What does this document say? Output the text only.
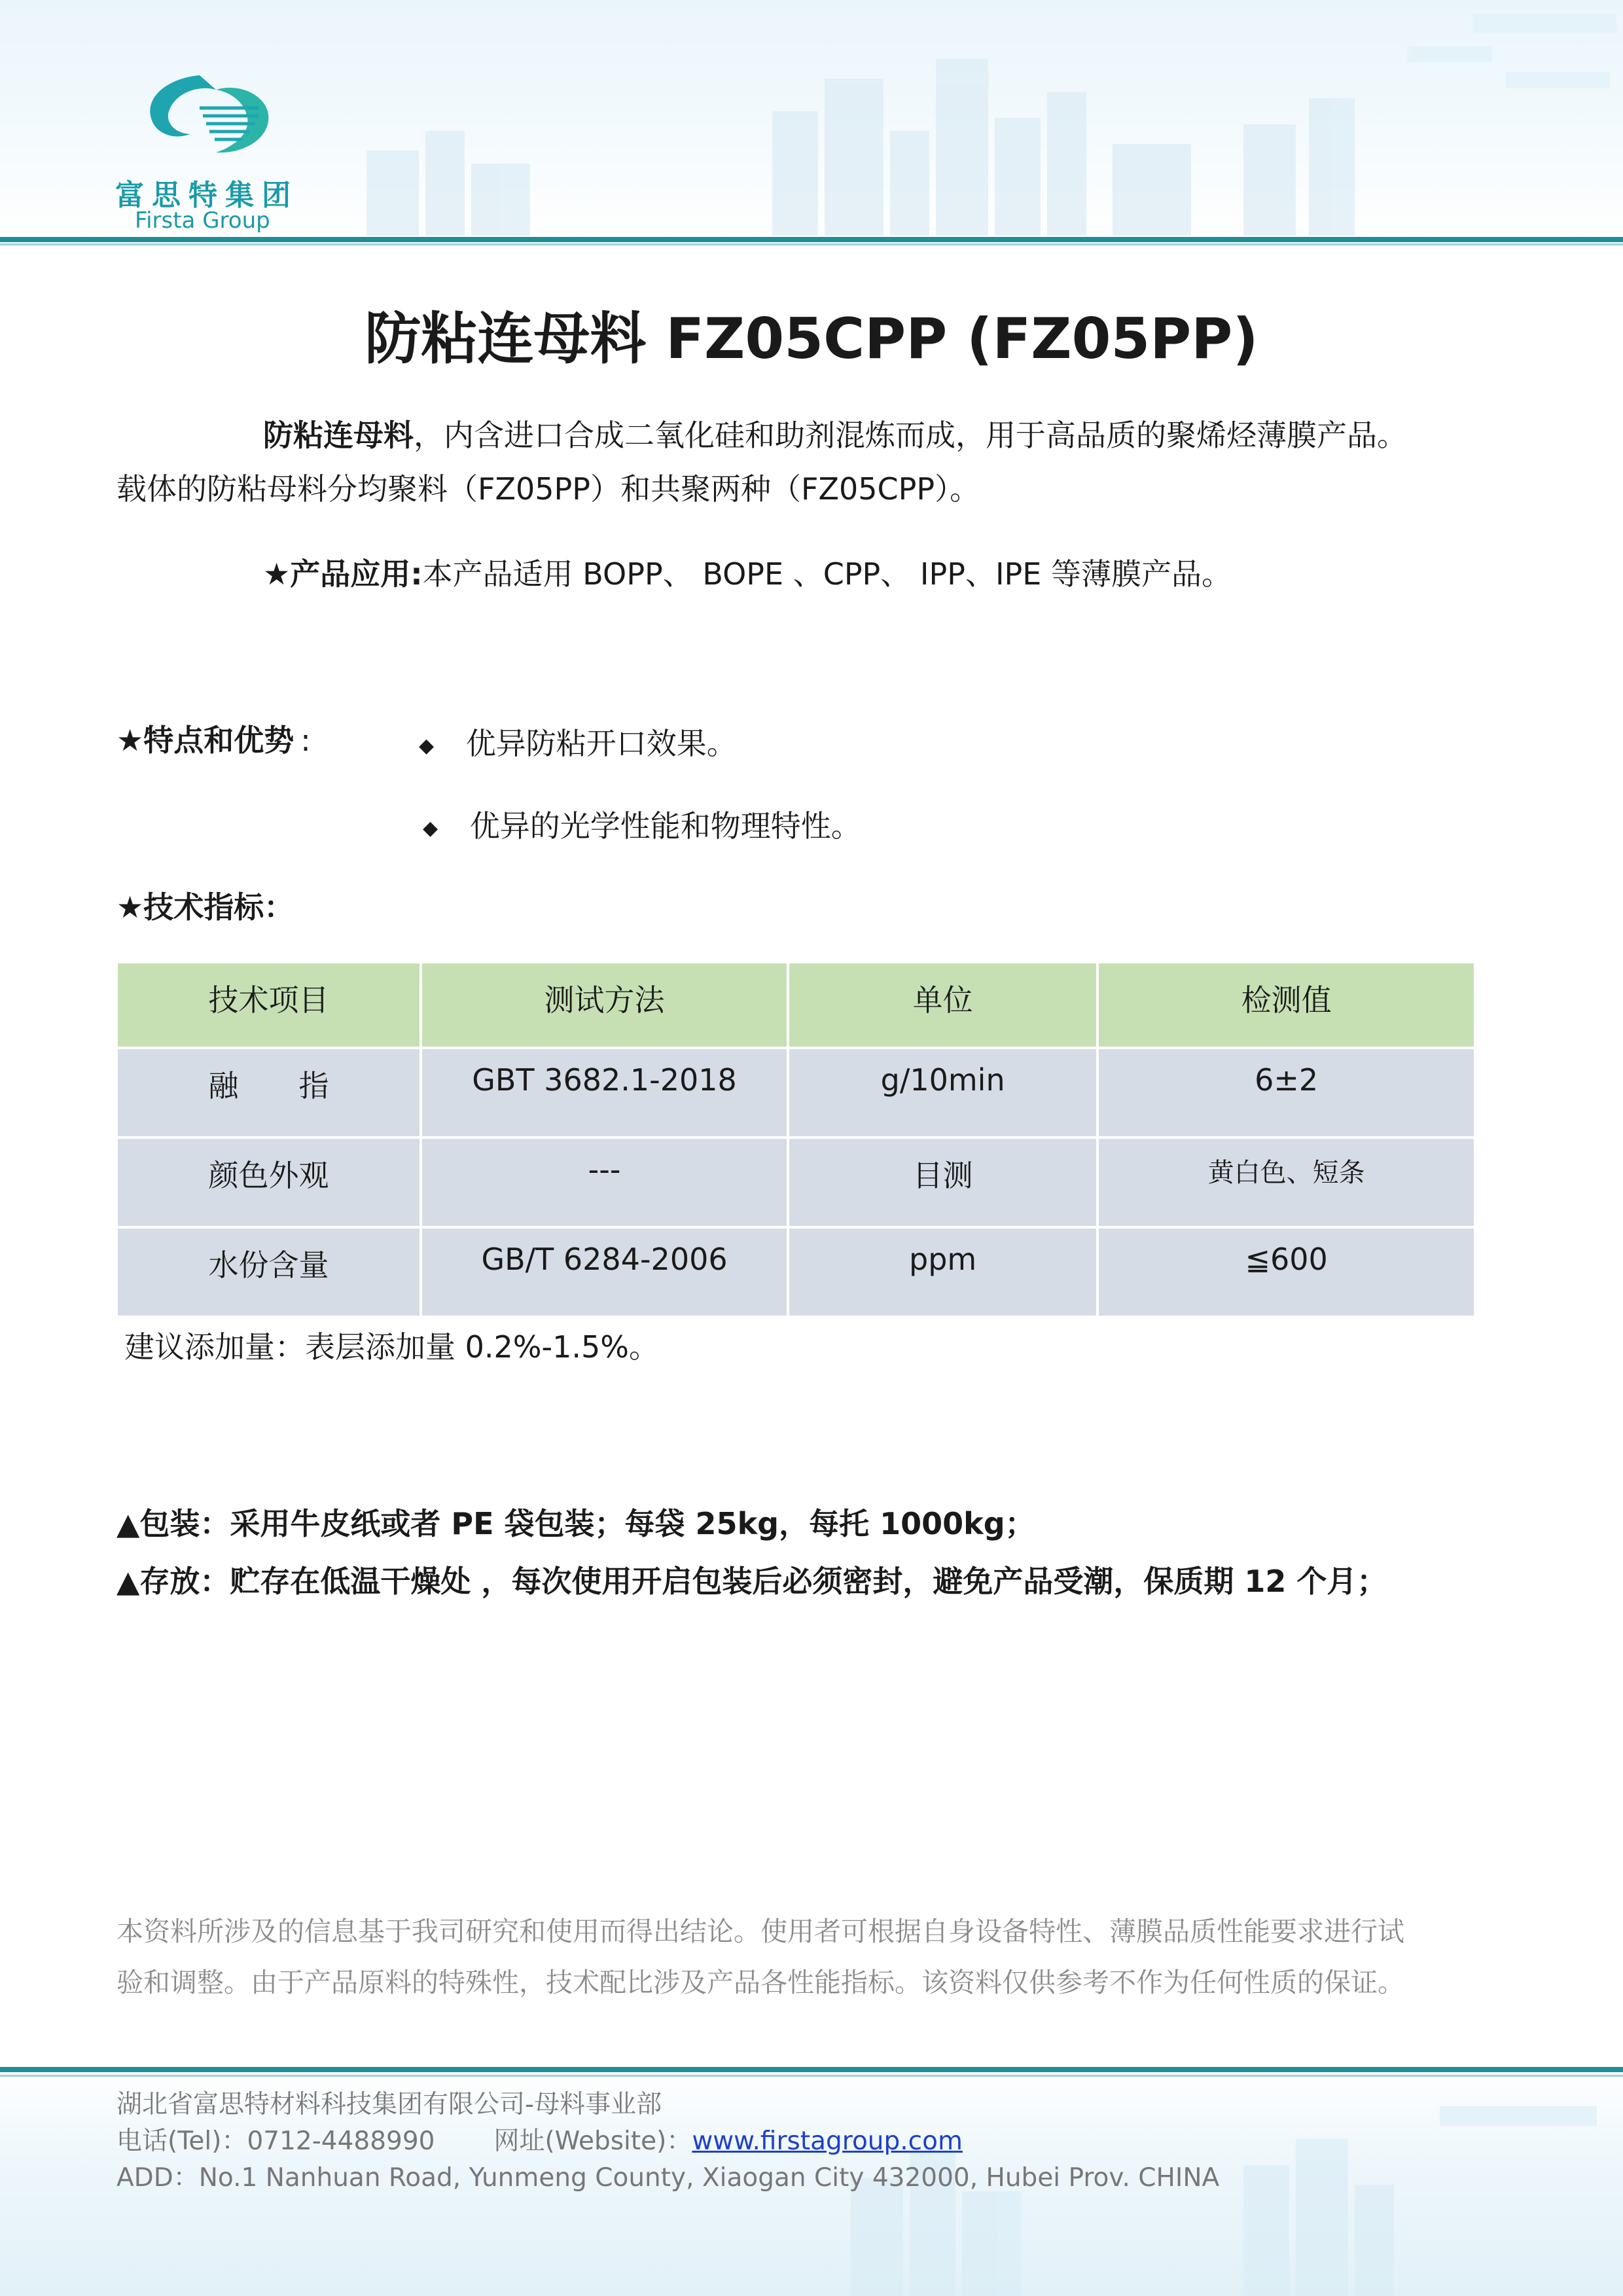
富思特集团
Firsta Group
防粘连母料 FZ05CPP (FZ05PP)
防粘连母料，内含进口合成二氧化硅和助剂混炼而成，用于高品质的聚烯烃薄膜产品。
载体的防粘母料分均聚料（FZ05PP）和共聚两种（FZ05CPP）。
★产品应用:本产品适用 BOPP、 BOPE 、CPP、 IPP、IPE 等薄膜产品。
★特点和优势 :	◆ 优异防粘开口效果。
◆ 优异的光学性能和物理特性。
★技术指标：
技术项目	测试方法	单位	检测值
融　　指	GBT 3682.1-2018	g/10min	6±2
颜色外观	---	目测	黄白色、短条
水份含量	GB/T 6284-2006	ppm	≦600
建议添加量：表层添加量 0.2%-1.5%。
▲包装：采用牛皮纸或者 PE 袋包装；每袋 25kg，每托 1000kg；
▲存放：贮存在低温干燥处 ，每次使用开启包装后必须密封，避免产品受潮，保质期 12 个月；
本资料所涉及的信息基于我司研究和使用而得出结论。使用者可根据自身设备特性、薄膜品质性能要求进行试
验和调整。由于产品原料的特殊性，技术配比涉及产品各性能指标。该资料仅供参考不作为任何性质的保证。
湖北省富思特材料科技集团有限公司-母料事业部
电话(Tel)：0712-4488990 网址(Website)：www.firstagroup.com
ADD：No.1 Nanhuan Road, Yunmeng County, Xiaogan City 432000, Hubei Prov. CHINA
